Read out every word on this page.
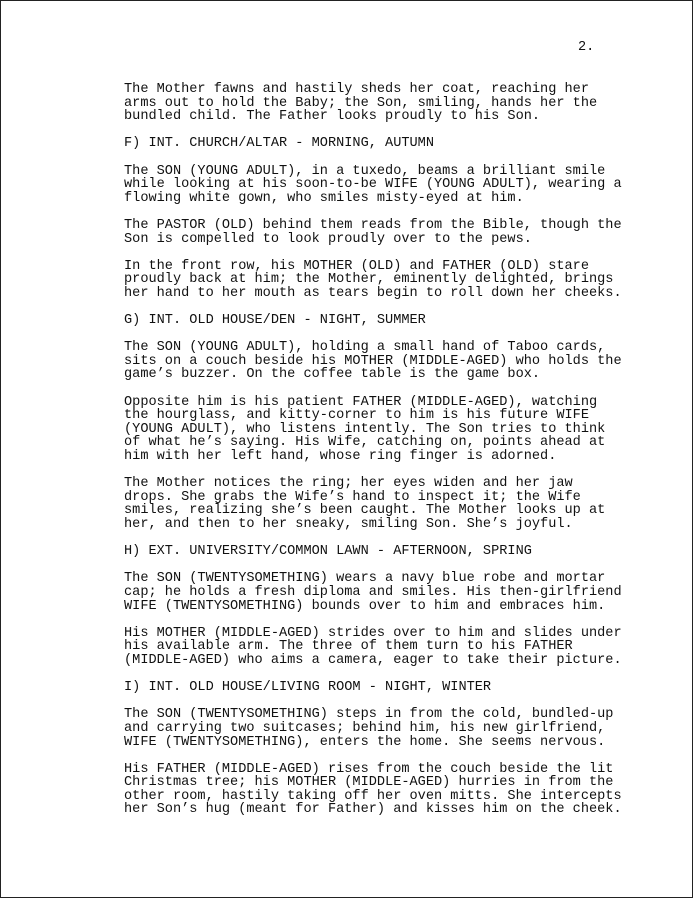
2.
The Mother fawns and hastily sheds her coat, reaching her
arms out to hold the Baby; the Son, smiling, hands her the
bundled child. The Father looks proudly to his Son.
F) INT. CHURCH/ALTAR - MORNING, AUTUMN
The SON (YOUNG ADULT), in a tuxedo, beams a brilliant smile
while looking at his soon-to-be WIFE (YOUNG ADULT), wearing a
flowing white gown, who smiles misty-eyed at him.
The PASTOR (OLD) behind them reads from the Bible, though the
Son is compelled to look proudly over to the pews.
In the front row, his MOTHER (OLD) and FATHER (OLD) stare
proudly back at him; the Mother, eminently delighted, brings
her hand to her mouth as tears begin to roll down her cheeks.
G) INT. OLD HOUSE/DEN - NIGHT, SUMMER
The SON (YOUNG ADULT), holding a small hand of Taboo cards,
sits on a couch beside his MOTHER (MIDDLE-AGED) who holds the
game’s buzzer. On the coffee table is the game box.
Opposite him is his patient FATHER (MIDDLE-AGED), watching
the hourglass, and kitty-corner to him is his future WIFE
(YOUNG ADULT), who listens intently. The Son tries to think
of what he’s saying. His Wife, catching on, points ahead at
him with her left hand, whose ring finger is adorned.
The Mother notices the ring; her eyes widen and her jaw
drops. She grabs the Wife’s hand to inspect it; the Wife
smiles, realizing she’s been caught. The Mother looks up at
her, and then to her sneaky, smiling Son. She’s joyful.
H) EXT. UNIVERSITY/COMMON LAWN - AFTERNOON, SPRING
The SON (TWENTYSOMETHING) wears a navy blue robe and mortar
cap; he holds a fresh diploma and smiles. His then-girlfriend
WIFE (TWENTYSOMETHING) bounds over to him and embraces him.
His MOTHER (MIDDLE-AGED) strides over to him and slides under
his available arm. The three of them turn to his FATHER
(MIDDLE-AGED) who aims a camera, eager to take their picture.
I) INT. OLD HOUSE/LIVING ROOM - NIGHT, WINTER
The SON (TWENTYSOMETHING) steps in from the cold, bundled-up
and carrying two suitcases; behind him, his new girlfriend,
WIFE (TWENTYSOMETHING), enters the home. She seems nervous.
His FATHER (MIDDLE-AGED) rises from the couch beside the lit
Christmas tree; his MOTHER (MIDDLE-AGED) hurries in from the
other room, hastily taking off her oven mitts. She intercepts
her Son’s hug (meant for Father) and kisses him on the cheek.
